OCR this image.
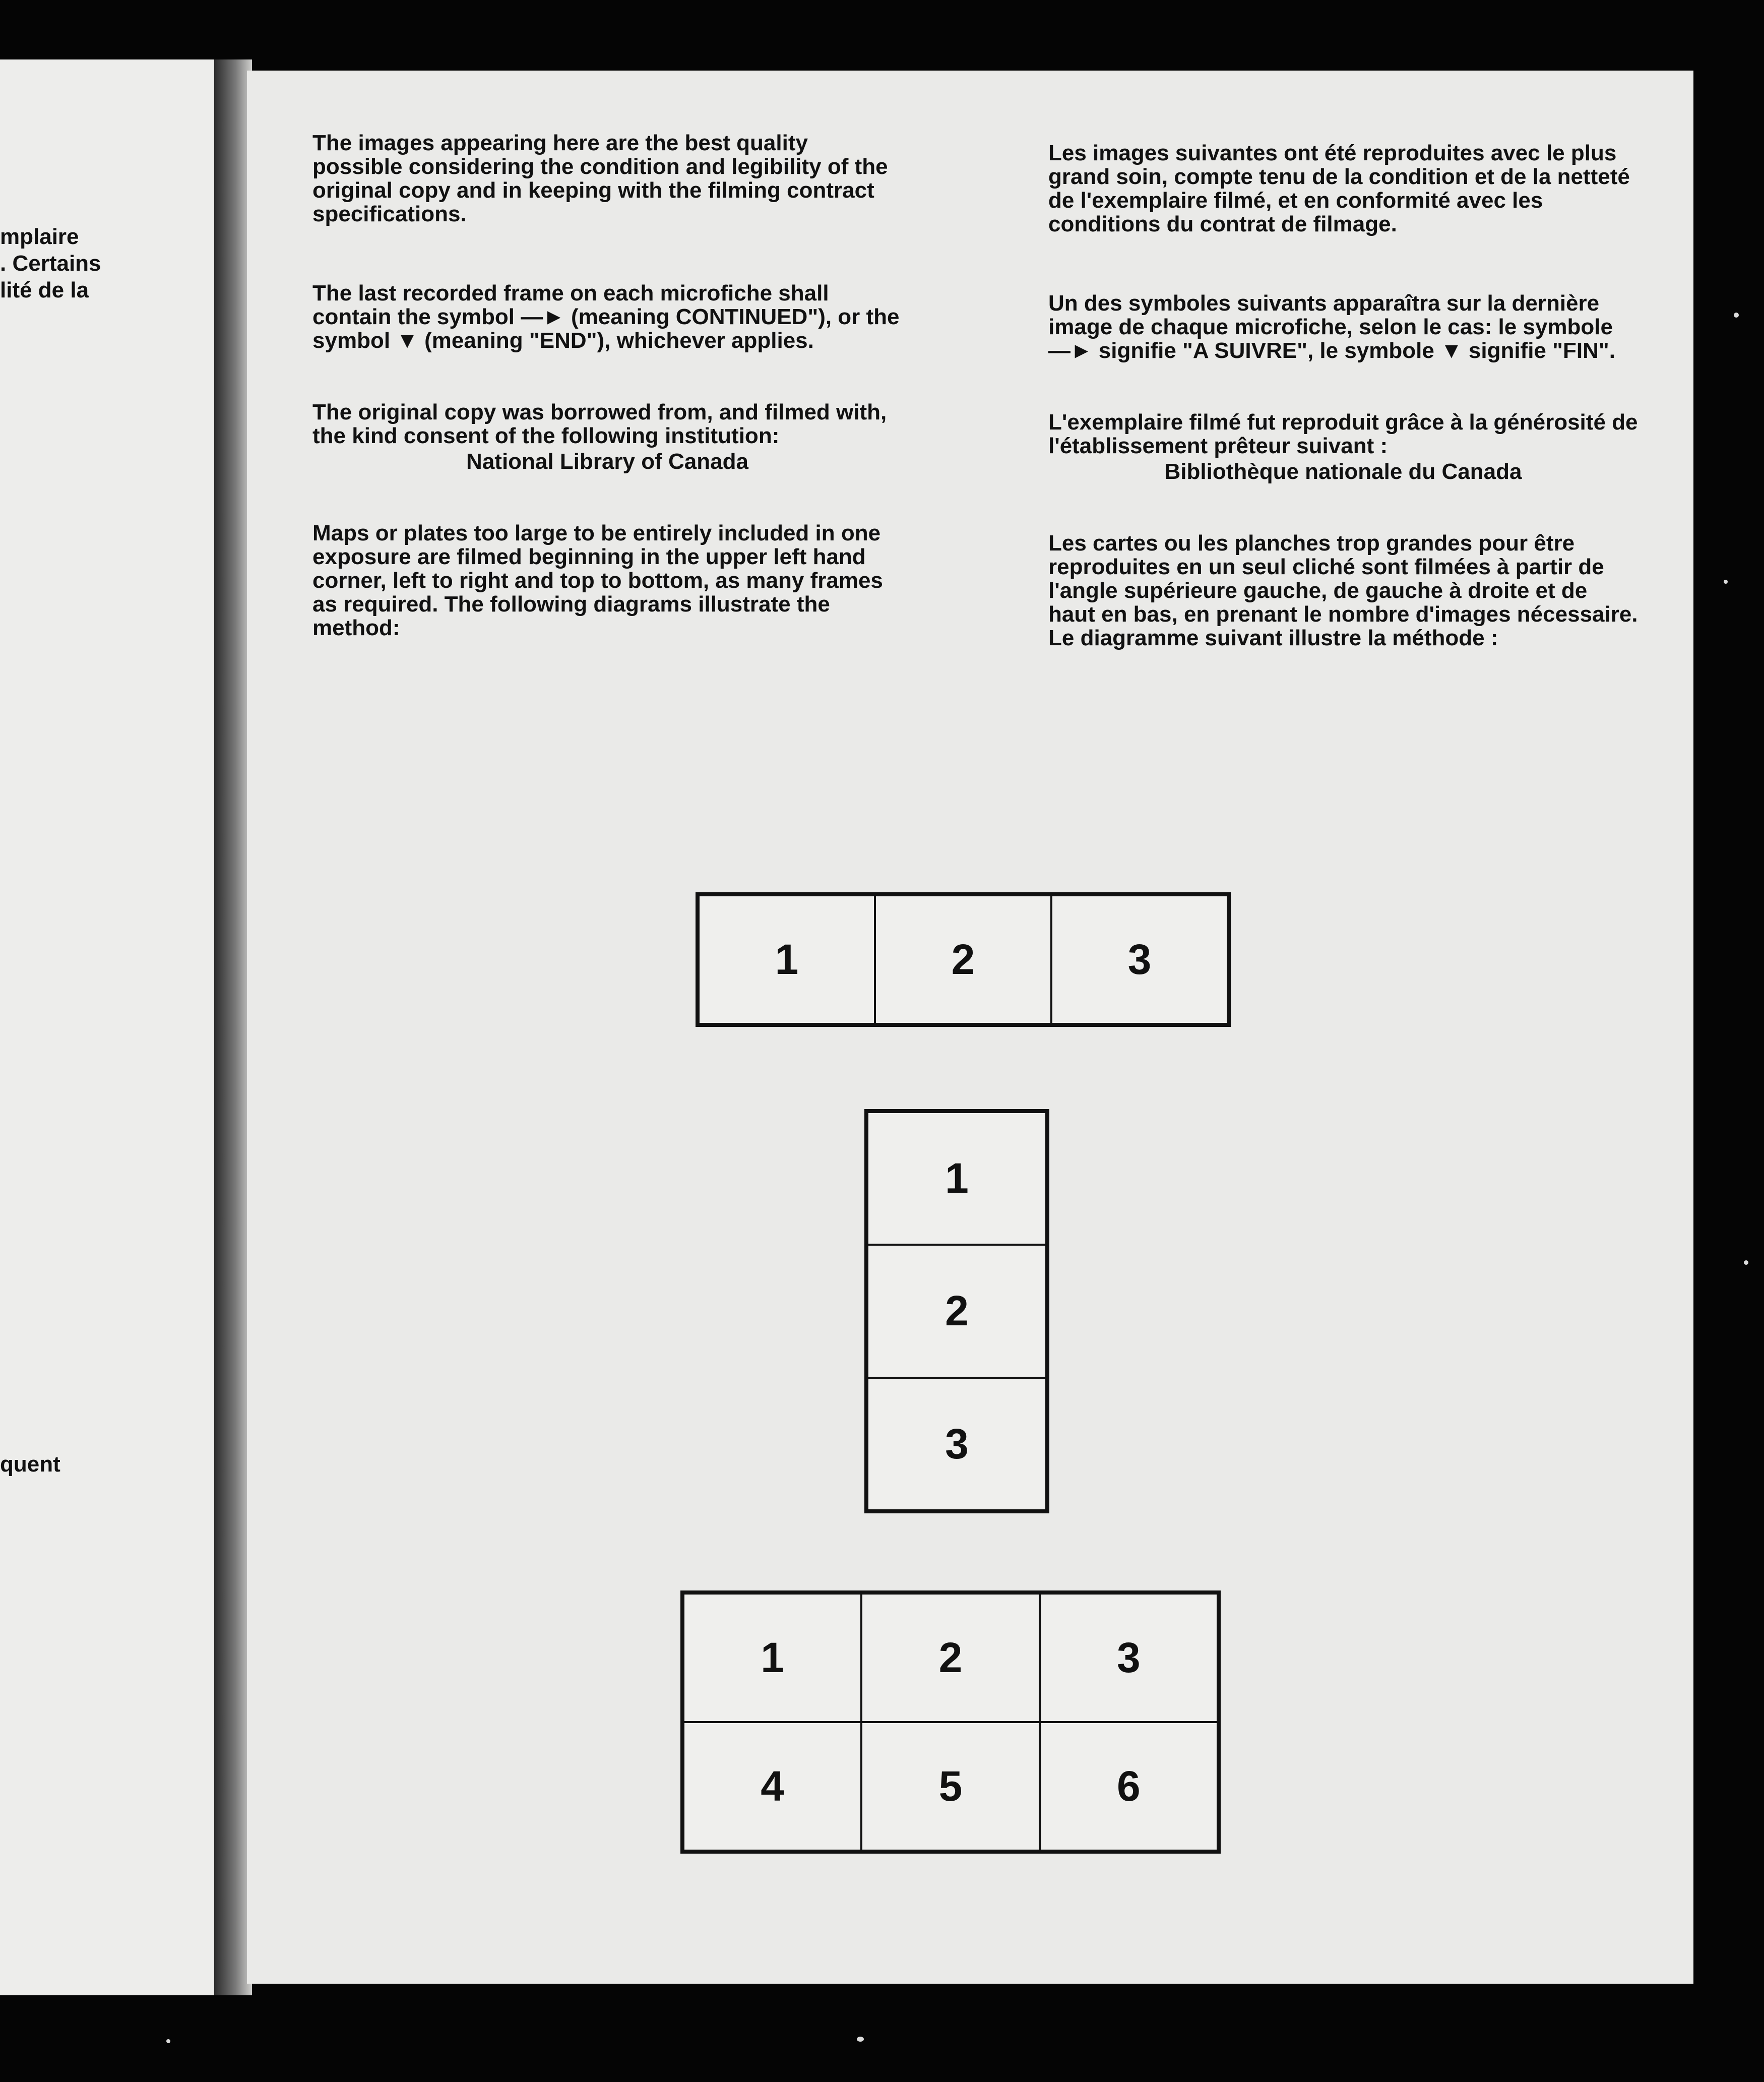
mplaire

. Certains

lité de la

quent

The images appearing here are the best quality possible considering the condition and legibility of the original copy and in keeping with the filming contract specifications.

The last recorded frame on each microfiche shall contain the symbol —► (meaning CONTINUED"), or the symbol ▼ (meaning "END"), whichever applies.

The original copy was borrowed from, and filmed with, the kind consent of the following institution:
National Library of Canada

Maps or plates too large to be entirely included in one exposure are filmed beginning in the upper left hand corner, left to right and top to bottom, as many frames as required. The following diagrams illustrate the method:

Les images suivantes ont été reproduites avec le plus grand soin, compte tenu de la condition et de la netteté de l'exemplaire filmé, et en conformité avec les conditions du contrat de filmage.

Un des symboles suivants apparaîtra sur la dernière image de chaque microfiche, selon le cas: le symbole —► signifie "A SUIVRE", le symbole ▼ signifie "FIN".

L'exemplaire filmé fut reproduit grâce à la générosité de l'établissement prêteur suivant :
Bibliothèque nationale du Canada

Les cartes ou les planches trop grandes pour être reproduites en un seul cliché sont filmées à partir de l'angle supérieure gauche, de gauche à droite et de haut en bas, en prenant le nombre d'images nécessaire. Le diagramme suivant illustre la méthode :

1	2	3
1
2
3
1	2	3
4	5	6
